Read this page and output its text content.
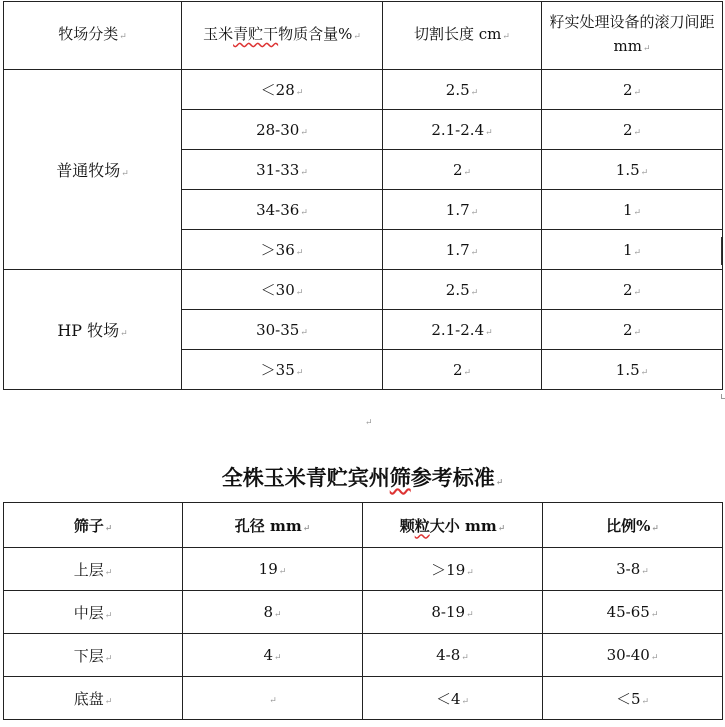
牧场分类↵	玉米青贮干物质含量%↵	切割长度 cm↵	籽实处理设备的滚刀间距 mm↵
普通牧场↵	＜28↵	2.5↵	2↵
	28-30↵	2.1-2.4↵	2↵
	31-33↵	2↵	1.5↵
	34-36↵	1.7↵	1↵
	＞36↵	1.7↵	1↵
HP 牧场↵	＜30↵	2.5↵	2↵
	30-35↵	2.1-2.4↵	2↵
	＞35↵	2↵	1.5↵
↵
全株玉米青贮宾州筛参考标准↵
筛子↵	孔径 mm↵	颗粒大小 mm↵	比例%↵
上层↵	19↵	＞19↵	3-8↵
中层↵	8↵	8-19↵	45-65↵
下层↵	4↵	4-8↵	30-40↵
底盘↵	↵	＜4↵	＜5↵
